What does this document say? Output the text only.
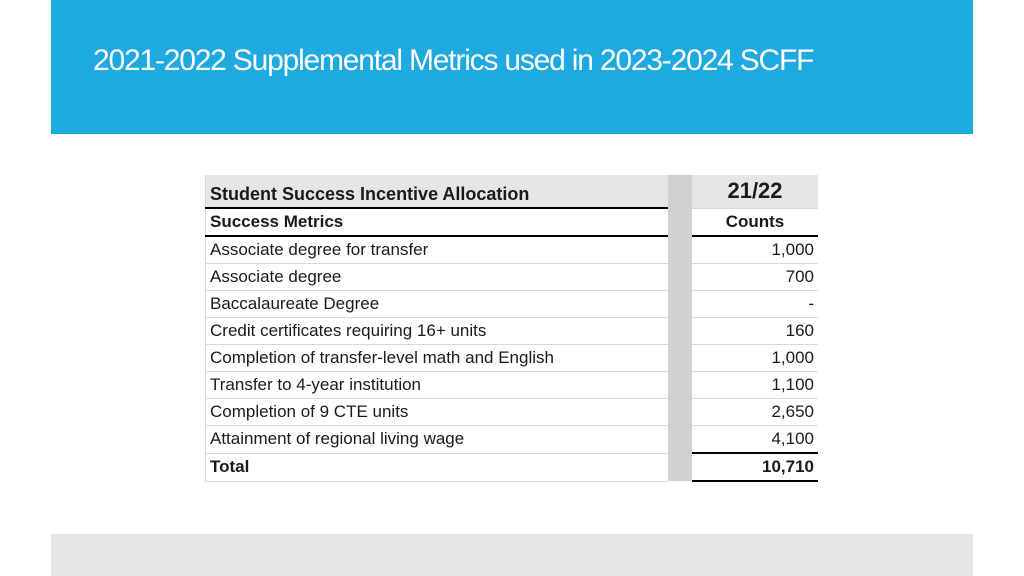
2021-2022 Supplemental Metrics used in 2023-2024 SCFF
Student Success Incentive Allocation		21/22
Success Metrics		Counts
Associate degree for transfer		1,000
Associate degree		700
Baccalaureate Degree		-
Credit certificates requiring 16+ units		160
Completion of transfer-level math and English		1,000
Transfer to 4-year institution		1,100
Completion of 9 CTE units		2,650
Attainment of regional living wage		4,100
Total		10,710
